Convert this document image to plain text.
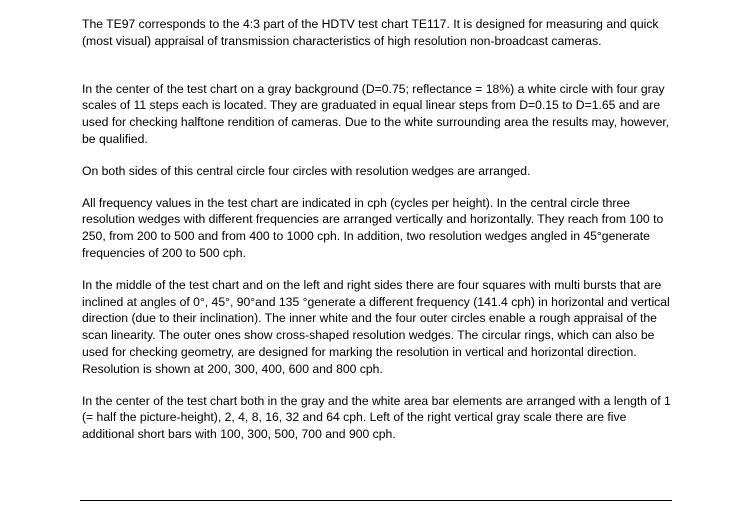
The TE97 corresponds to the 4:3 part of the HDTV test chart TE117. It is designed for measuring and quick (most visual) appraisal of transmission characteristics of high resolution non-broadcast cameras.

In the center of the test chart on a gray background (D=0.75; reflectance = 18%) a white circle with four gray scales of 11 steps each is located. They are graduated in equal linear steps from D=0.15 to D=1.65 and are used for checking halftone rendition of cameras. Due to the white surrounding area the results may, however, be qualified.

On both sides of this central circle four circles with resolution wedges are arranged.

All frequency values in the test chart are indicated in cph (cycles per height). In the central circle three resolution wedges with different frequencies are arranged vertically and horizontally. They reach from 100 to 250, from 200 to 500 and from 400 to 1000 cph. In addition, two resolution wedges angled in 45°generate frequencies of 200 to 500 cph.

In the middle of the test chart and on the left and right sides there are four squares with multi bursts that are inclined at angles of 0°, 45°, 90°and 135 °generate a different frequency (141.4 cph) in horizontal and vertical direction (due to their inclination). The inner white and the four outer circles enable a rough appraisal of the scan linearity. The outer ones show cross-shaped resolution wedges. The circular rings, which can also be used for checking geometry, are designed for marking the resolution in vertical and horizontal direction. Resolution is shown at 200, 300, 400, 600 and 800 cph.

In the center of the test chart both in the gray and the white area bar elements are arranged with a length of 1 (= half the picture-height), 2, 4, 8, 16, 32 and 64 cph. Left of the right vertical gray scale there are five additional short bars with 100, 300, 500, 700 and 900 cph.
